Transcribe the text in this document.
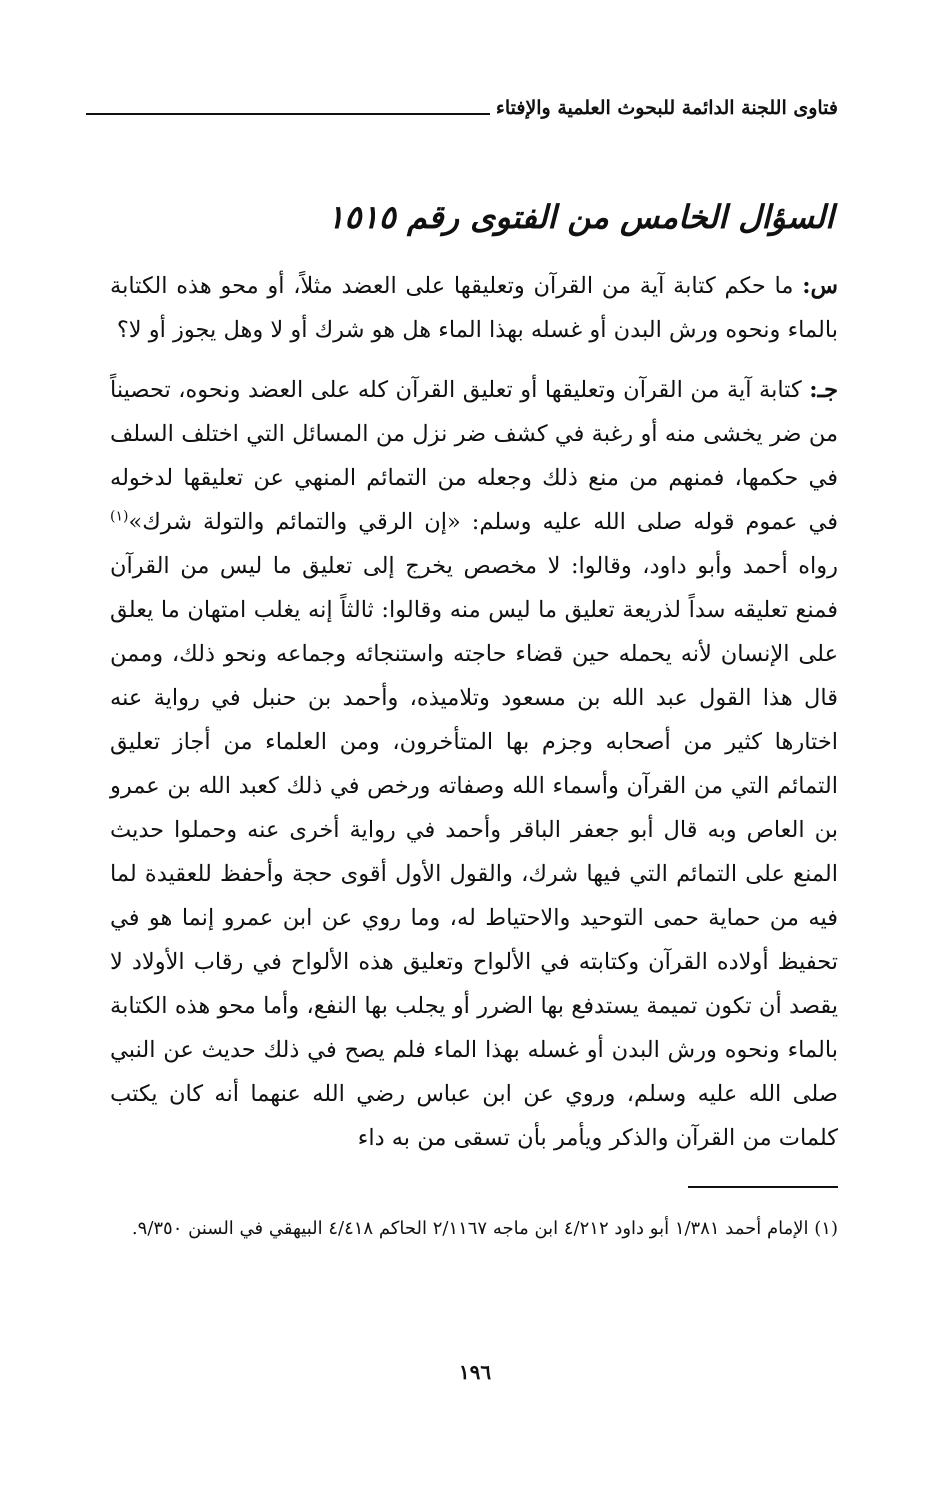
فتاوى اللجنة الدائمة للبحوث العلمية والإفتاء
السؤال الخامس من الفتوى رقم ١٥١٥

س: ما حكم كتابة آية من القرآن وتعليقها على العضد مثلاً، أو محو هذه الكتابة بالماء ونحوه ورش البدن أو غسله بهذا الماء هل هو شرك أو لا وهل يجوز أو لا؟

جـ: كتابة آية من القرآن وتعليقها أو تعليق القرآن كله على العضد ونحوه، تحصيناً من ضر يخشى منه أو رغبة في كشف ضر نزل من المسائل التي اختلف السلف في حكمها، فمنهم من منع ذلك وجعله من التمائم المنهي عن تعليقها لدخوله في عموم قوله صلى الله عليه وسلم: «إن الرقي والتمائم والتولة شرك»$^{(١)}$ رواه أحمد وأبو داود، وقالوا: لا مخصص يخرج إلى تعليق ما ليس من القرآن فمنع تعليقه سداً لذريعة تعليق ما ليس منه وقالوا: ثالثاً إنه يغلب امتهان ما يعلق على الإنسان لأنه يحمله حين قضاء حاجته واستنجائه وجماعه ونحو ذلك، وممن قال هذا القول عبد الله بن مسعود وتلاميذه، وأحمد بن حنبل في رواية عنه اختارها كثير من أصحابه وجزم بها المتأخرون، ومن العلماء من أجاز تعليق التمائم التي من القرآن وأسماء الله وصفاته ورخص في ذلك كعبد الله بن عمرو بن العاص وبه قال أبو جعفر الباقر وأحمد في رواية أخرى عنه وحملوا حديث المنع على التمائم التي فيها شرك، والقول الأول أقوى حجة وأحفظ للعقيدة لما فيه من حماية حمى التوحيد والاحتياط له، وما روي عن ابن عمرو إنما هو في تحفيظ أولاده القرآن وكتابته في الألواح وتعليق هذه الألواح في رقاب الأولاد لا يقصد أن تكون تميمة يستدفع بها الضرر أو يجلب بها النفع، وأما محو هذه الكتابة بالماء ونحوه ورش البدن أو غسله بهذا الماء فلم يصح في ذلك حديث عن النبي صلى الله عليه وسلم، وروي عن ابن عباس رضي الله عنهما أنه كان يكتب كلمات من القرآن والذكر ويأمر بأن تسقى من به داء

(١) الإمام أحمد ١/٣٨١ أبو داود ٤/٢١٢ ابن ماجه ٢/١١٦٧ الحاكم ٤/٤١٨ البيهقي في السنن ٩/٣٥٠.
١٩٦
